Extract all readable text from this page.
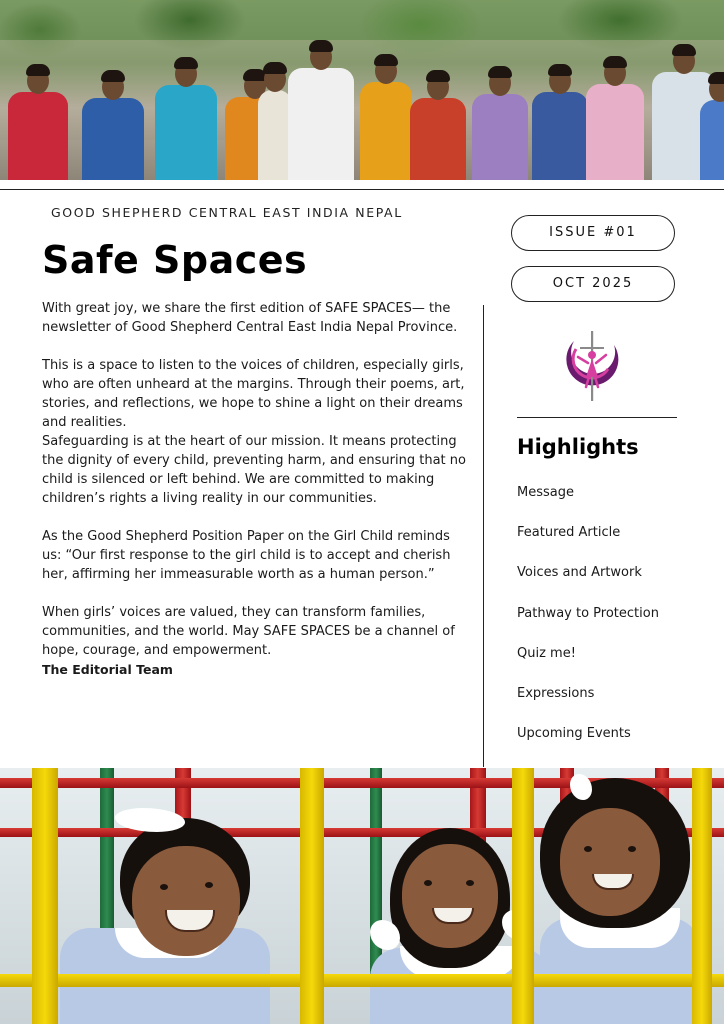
GOOD SHEPHERD CENTRAL EAST INDIA NEPAL
Safe Spaces

With great joy, we share the first edition of SAFE SPACES— the newsletter of Good Shepherd Central East India Nepal Province.

This is a space to listen to the voices of children, especially girls, who are often unheard at the margins. Through their poems, art, stories, and reflections, we hope to shine a light on their dreams and realities.

Safeguarding is at the heart of our mission. It means protecting the dignity of every child, preventing harm, and ensuring that no child is silenced or left behind. We are committed to making children’s rights a living reality in our communities.

As the Good Shepherd Position Paper on the Girl Child reminds us: “Our first response to the girl child is to accept and cherish her, affirming her immeasurable worth as a human person.”

When girls’ voices are valued, they can transform families, communities, and the world. May SAFE SPACES be a channel of hope, courage, and empowerment.

The Editorial Team

ISSUE #01
OCT 2025
Highlights
Message
Featured Article
Voices and Artwork
Pathway to Protection
Quiz me!
Expressions
Upcoming Events
